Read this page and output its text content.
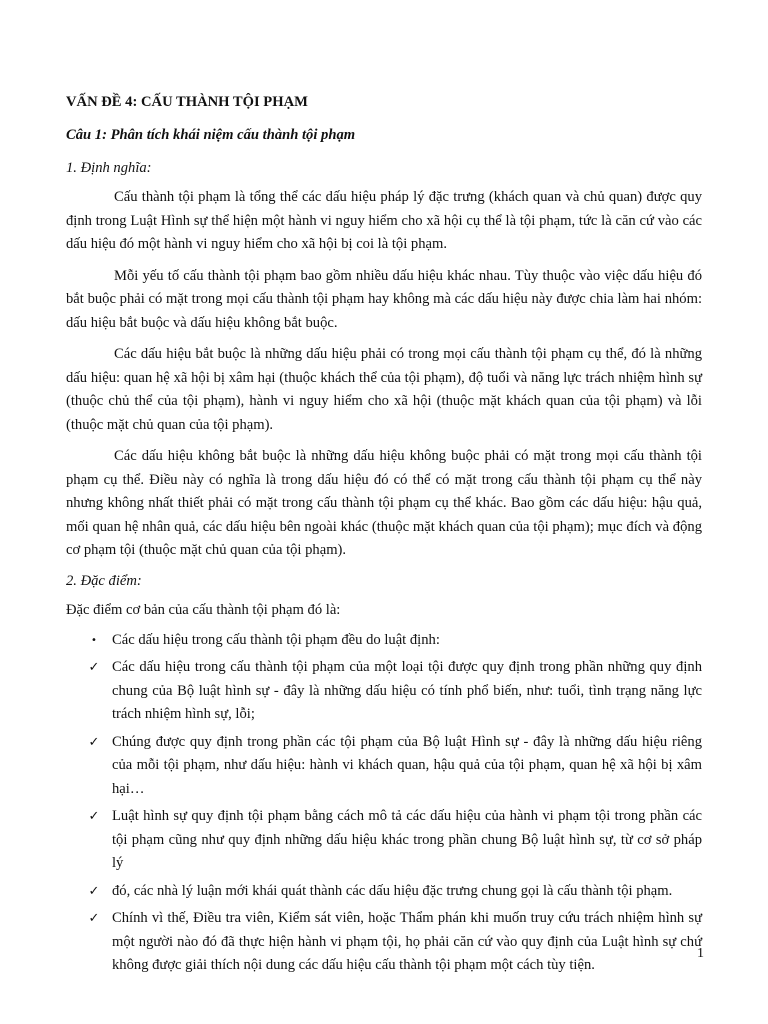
VẤN ĐỀ 4: CẤU THÀNH TỘI PHẠM

Câu 1: Phân tích khái niệm cấu thành tội phạm

1. Định nghĩa:

Cấu thành tội phạm là tổng thể các dấu hiệu pháp lý đặc trưng (khách quan và chủ quan) được quy định trong Luật Hình sự thể hiện một hành vi nguy hiểm cho xã hội cụ thể là tội phạm, tức là căn cứ vào các dấu hiệu đó một hành vi nguy hiểm cho xã hội bị coi là tội phạm.

Mỗi yếu tố cấu thành tội phạm bao gồm nhiều dấu hiệu khác nhau. Tùy thuộc vào việc dấu hiệu đó bắt buộc phải có mặt trong mọi cấu thành tội phạm hay không mà các dấu hiệu này được chia làm hai nhóm: dấu hiệu bắt buộc và dấu hiệu không bắt buộc.

Các dấu hiệu bắt buộc là những dấu hiệu phải có trong mọi cấu thành tội phạm cụ thể, đó là những dấu hiệu: quan hệ xã hội bị xâm hại (thuộc khách thể của tội phạm), độ tuổi và năng lực trách nhiệm hình sự (thuộc chủ thể của tội phạm), hành vi nguy hiểm cho xã hội (thuộc mặt khách quan của tội phạm) và lỗi (thuộc mặt chủ quan của tội phạm).

Các dấu hiệu không bắt buộc là những dấu hiệu không buộc phải có mặt trong mọi cấu thành tội phạm cụ thể. Điều này có nghĩa là trong dấu hiệu đó có thể có mặt trong cấu thành tội phạm cụ thể này nhưng không nhất thiết phải có mặt trong cấu thành tội phạm cụ thể khác. Bao gồm các dấu hiệu: hậu quả, mối quan hệ nhân quả, các dấu hiệu bên ngoài khác (thuộc mặt khách quan của tội phạm); mục đích và động cơ phạm tội (thuộc mặt chủ quan của tội phạm).

2. Đặc điểm:

Đặc điểm cơ bản của cấu thành tội phạm đó là:

•	Các dấu hiệu trong cấu thành tội phạm đều do luật định:
✓ Các dấu hiệu trong cấu thành tội phạm của một loại tội được quy định trong phần những quy định chung của Bộ luật hình sự - đây là những dấu hiệu có tính phổ biến, như: tuổi, tình trạng năng lực trách nhiệm hình sự, lỗi;
✓ Chúng được quy định trong phần các tội phạm của Bộ luật Hình sự - đây là những dấu hiệu riêng của mỗi tội phạm, như dấu hiệu: hành vi khách quan, hậu quả của tội phạm, quan hệ xã hội bị xâm hại…
✓ Luật hình sự quy định tội phạm bằng cách mô tả các dấu hiệu của hành vi phạm tội trong phần các tội phạm cũng như quy định những dấu hiệu khác trong phần chung Bộ luật hình sự, từ cơ sở pháp lý
✓ đó, các nhà lý luận mới khái quát thành các dấu hiệu đặc trưng chung gọi là cấu thành tội phạm.
✓ Chính vì thế, Điều tra viên, Kiểm sát viên, hoặc Thẩm phán khi muốn truy cứu trách nhiệm hình sự một người nào đó đã thực hiện hành vi phạm tội, họ phải căn cứ vào quy định của Luật hình sự chứ không được giải thích nội dung các dấu hiệu cấu thành tội phạm một cách tùy tiện.
1
